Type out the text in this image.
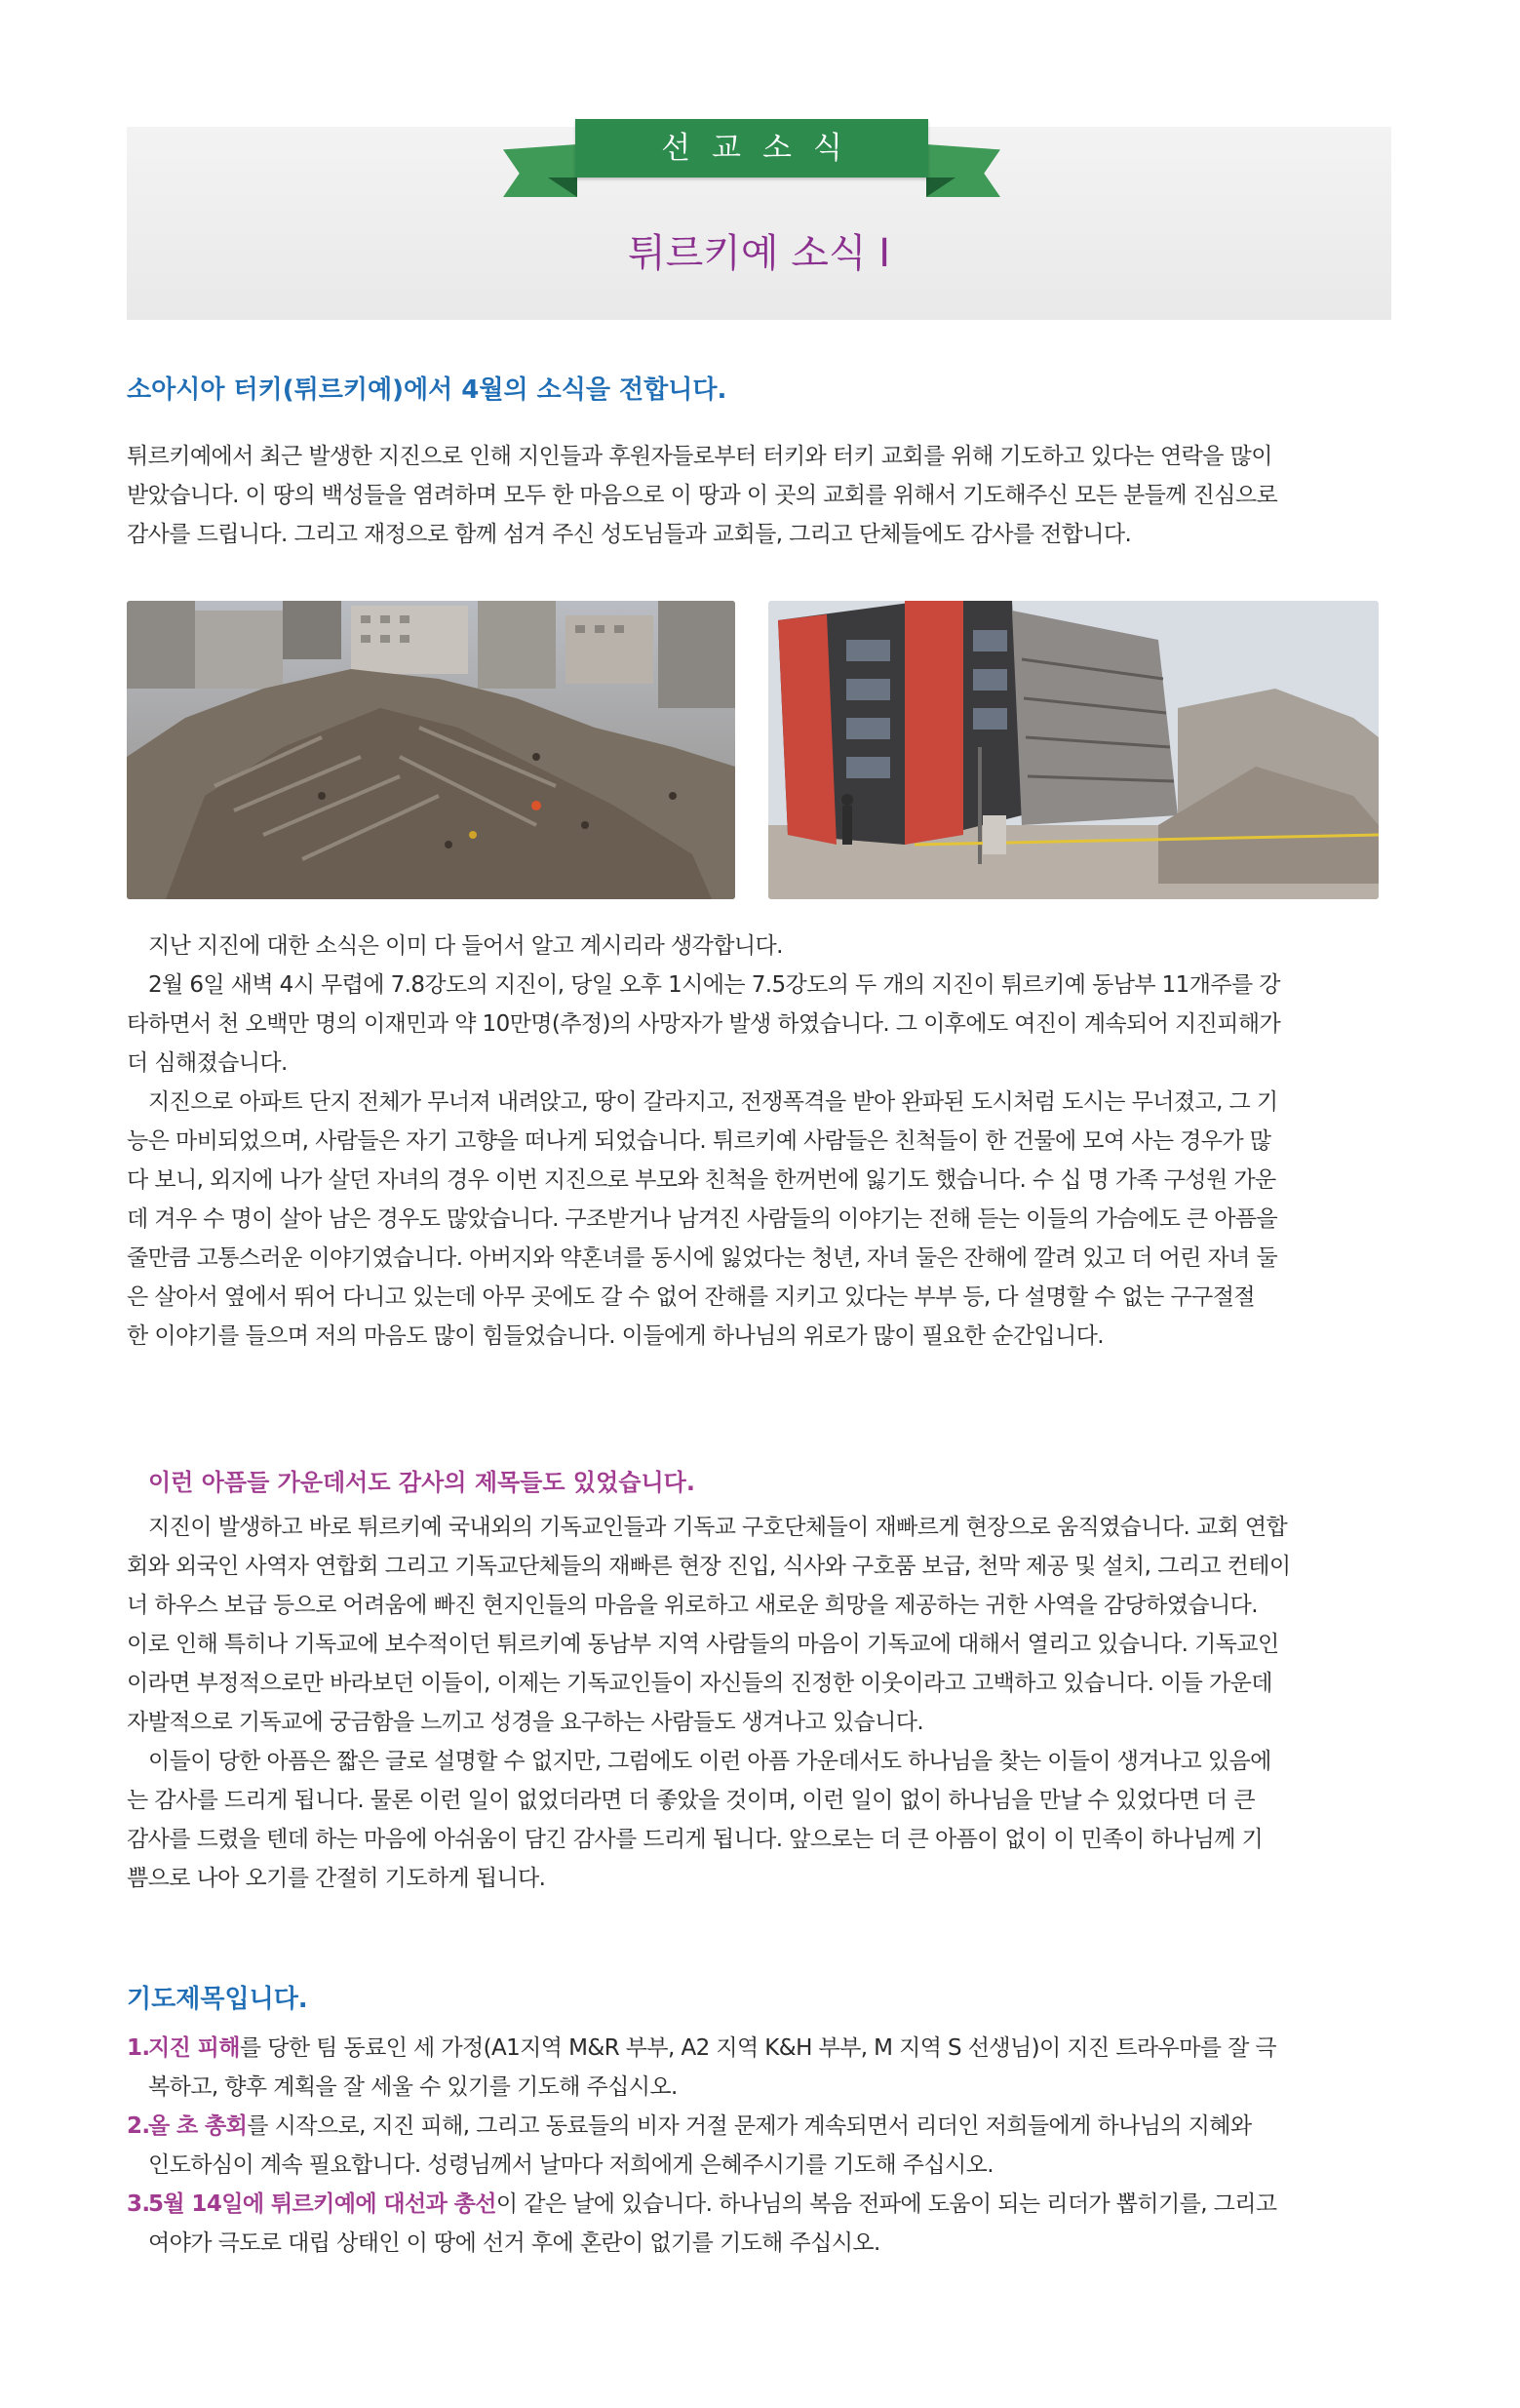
선교소식
튀르키예 소식 Ⅰ
소아시아 터키(튀르키예)에서 4월의 소식을 전합니다.
튀르키예에서 최근 발생한 지진으로 인해 지인들과 후원자들로부터 터키와 터키 교회를 위해 기도하고 있다는 연락을 많이
받았습니다. 이 땅의 백성들을 염려하며 모두 한 마음으로 이 땅과 이 곳의 교회를 위해서 기도해주신 모든 분들께 진심으로
감사를 드립니다. 그리고 재정으로 함께 섬겨 주신 성도님들과 교회들, 그리고 단체들에도 감사를 전합니다.
지난 지진에 대한 소식은 이미 다 들어서 알고 계시리라 생각합니다.
2월 6일 새벽 4시 무렵에 7.8강도의 지진이, 당일 오후 1시에는 7.5강도의 두 개의 지진이 튀르키예 동남부 11개주를 강
타하면서 천 오백만 명의 이재민과 약 10만명(추정)의 사망자가 발생 하였습니다. 그 이후에도 여진이 계속되어 지진피해가
더 심해졌습니다.
지진으로 아파트 단지 전체가 무너져 내려앉고, 땅이 갈라지고, 전쟁폭격을 받아 완파된 도시처럼 도시는 무너졌고, 그 기
능은 마비되었으며, 사람들은 자기 고향을 떠나게 되었습니다. 튀르키예 사람들은 친척들이 한 건물에 모여 사는 경우가 많
다 보니, 외지에 나가 살던 자녀의 경우 이번 지진으로 부모와 친척을 한꺼번에 잃기도 했습니다. 수 십 명 가족 구성원 가운
데 겨우 수 명이 살아 남은 경우도 많았습니다. 구조받거나 남겨진 사람들의 이야기는 전해 듣는 이들의 가슴에도 큰 아픔을
줄만큼 고통스러운 이야기였습니다. 아버지와 약혼녀를 동시에 잃었다는 청년, 자녀 둘은 잔해에 깔려 있고 더 어린 자녀 둘
은 살아서 옆에서 뛰어 다니고 있는데 아무 곳에도 갈 수 없어 잔해를 지키고 있다는 부부 등, 다 설명할 수 없는 구구절절
한 이야기를 들으며 저의 마음도 많이 힘들었습니다. 이들에게 하나님의 위로가 많이 필요한 순간입니다.
이런 아픔들 가운데서도 감사의 제목들도 있었습니다.
지진이 발생하고 바로 튀르키예 국내외의 기독교인들과 기독교 구호단체들이 재빠르게 현장으로 움직였습니다. 교회 연합
회와 외국인 사역자 연합회 그리고 기독교단체들의 재빠른 현장 진입, 식사와 구호품 보급, 천막 제공 및 설치, 그리고 컨테이
너 하우스 보급 등으로 어려움에 빠진 현지인들의 마음을 위로하고 새로운 희망을 제공하는 귀한 사역을 감당하였습니다.
이로 인해 특히나 기독교에 보수적이던 튀르키예 동남부 지역 사람들의 마음이 기독교에 대해서 열리고 있습니다. 기독교인
이라면 부정적으로만 바라보던 이들이, 이제는 기독교인들이 자신들의 진정한 이웃이라고 고백하고 있습니다. 이들 가운데
자발적으로 기독교에 궁금함을 느끼고 성경을 요구하는 사람들도 생겨나고 있습니다.
이들이 당한 아픔은 짧은 글로 설명할 수 없지만, 그럼에도 이런 아픔 가운데서도 하나님을 찾는 이들이 생겨나고 있음에
는 감사를 드리게 됩니다. 물론 이런 일이 없었더라면 더 좋았을 것이며, 이런 일이 없이 하나님을 만날 수 있었다면 더 큰
감사를 드렸을 텐데 하는 마음에 아쉬움이 담긴 감사를 드리게 됩니다. 앞으로는 더 큰 아픔이 없이 이 민족이 하나님께 기
쁨으로 나아 오기를 간절히 기도하게 됩니다.
기도제목입니다.
1.
지진 피해를 당한 팀 동료인 세 가정(A1지역 M&R 부부, A2 지역 K&H 부부, M 지역 S 선생님)이 지진 트라우마를 잘 극
복하고, 향후 계획을 잘 세울 수 있기를 기도해 주십시오.
2.
올 초 총회를 시작으로, 지진 피해, 그리고 동료들의 비자 거절 문제가 계속되면서 리더인 저희들에게 하나님의 지혜와
인도하심이 계속 필요합니다. 성령님께서 날마다 저희에게 은혜주시기를 기도해 주십시오.
3.
5월 14일에 튀르키예에 대선과 총선이 같은 날에 있습니다. 하나님의 복음 전파에 도움이 되는 리더가 뽑히기를, 그리고
여야가 극도로 대립 상태인 이 땅에 선거 후에 혼란이 없기를 기도해 주십시오.
